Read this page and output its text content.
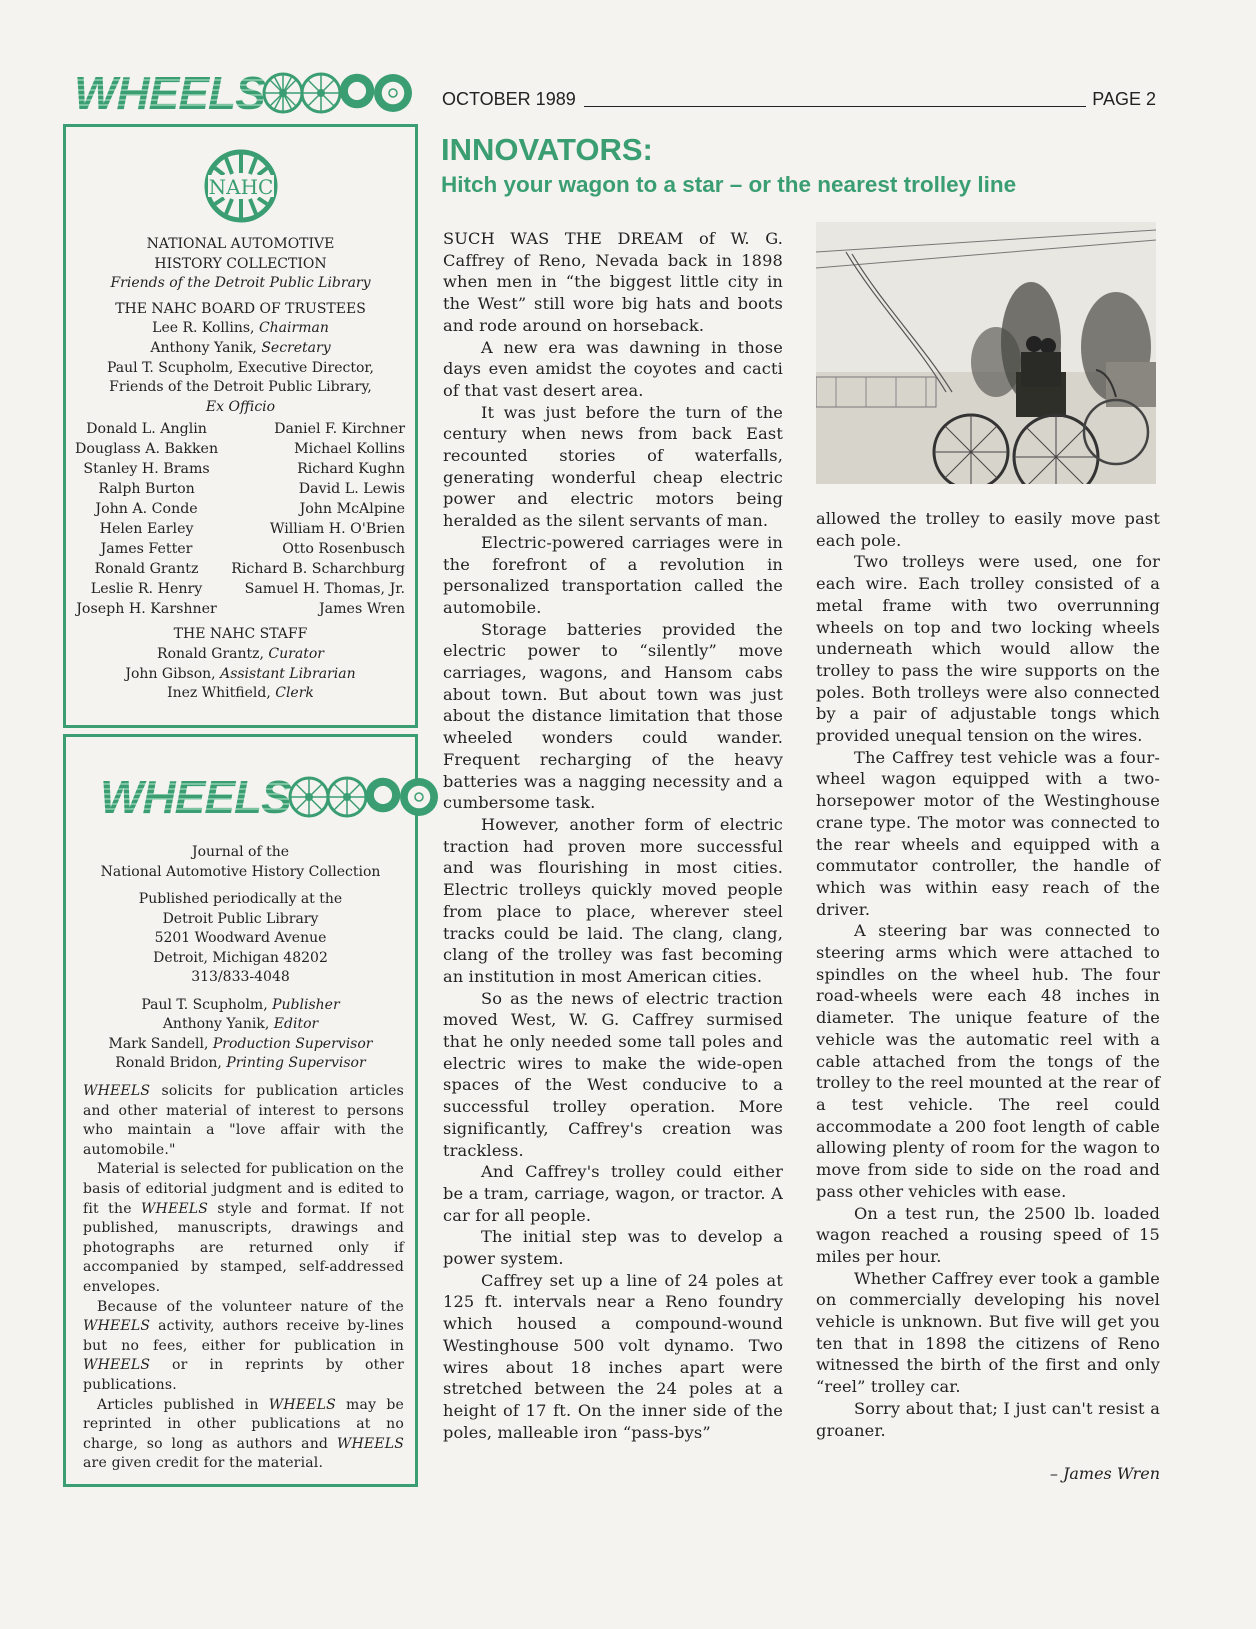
WHEELS	OCTOBER 1989	PAGE 2
INNOVATORS:
Hitch your wagon to a star – or the nearest trolley line
NAHC

NATIONAL AUTOMOTIVE

HISTORY COLLECTION

Friends of the Detroit Public Library

THE NAHC BOARD OF TRUSTEES

Lee R. Kollins, Chairman

Anthony Yanik, Secretary

Paul T. Scupholm, Executive Director,

Friends of the Detroit Public Library,

Ex Officio

Donald L. Anglin
Douglass A. Bakken
Stanley H. Brams
Ralph Burton
John A. Conde
Helen Earley
James Fetter
Ronald Grantz
Leslie R. Henry
Joseph H. Karshner
Daniel F. Kirchner
Michael Kollins
Richard Kughn
David L. Lewis
John McAlpine
William H. O'Brien
Otto Rosenbusch
Richard B. Scharchburg
Samuel H. Thomas, Jr.
James Wren

THE NAHC STAFF

Ronald Grantz, Curator

John Gibson, Assistant Librarian

Inez Whitfield, Clerk

Journal of the

National Automotive History Collection

Published periodically at the

Detroit Public Library

5201 Woodward Avenue

Detroit, Michigan 48202

313/833-4048

Paul T. Scupholm, Publisher

Anthony Yanik, Editor

Mark Sandell, Production Supervisor

Ronald Bridon, Printing Supervisor

WHEELS solicits for publication articles and other material of interest to persons who maintain a "love affair with the automobile."

Material is selected for publication on the basis of editorial judgment and is edited to fit the WHEELS style and format. If not published, manuscripts, drawings and photographs are returned only if accompanied by stamped, self-addressed envelopes.

Because of the volunteer nature of the WHEELS activity, authors receive by-lines but no fees, either for publication in WHEELS or in reprints by other publications.

Articles published in WHEELS may be reprinted in other publications at no charge, so long as authors and WHEELS are given credit for the material.

WHEELS

SUCH WAS THE DREAM of W. G. Caffrey of Reno, Nevada back in 1898 when men in “the biggest little city in the West” still wore big hats and boots and rode around on horseback.

A new era was dawning in those days even amidst the coyotes and cacti of that vast desert area.

It was just before the turn of the century when news from back East recounted stories of waterfalls, generating wonderful cheap electric power and electric motors being heralded as the silent servants of man.

Electric-powered carriages were in the forefront of a revolution in personalized transportation called the automobile.

Storage batteries provided the electric power to “silently” move carriages, wagons, and Hansom cabs about town. But about town was just about the distance limitation that those wheeled wonders could wander. Frequent recharging of the heavy batteries was a nagging necessity and a cumbersome task.

However, another form of electric traction had proven more successful and was flourishing in most cities. Electric trolleys quickly moved people from place to place, wherever steel tracks could be laid. The clang, clang, clang of the trolley was fast becoming an institution in most American cities.

So as the news of electric traction moved West, W. G. Caffrey surmised that he only needed some tall poles and electric wires to make the wide-open spaces of the West conducive to a successful trolley operation. More significantly, Caffrey's creation was trackless.

And Caffrey's trolley could either be a tram, carriage, wagon, or tractor. A car for all people.

The initial step was to develop a power system.

Caffrey set up a line of 24 poles at 125 ft. intervals near a Reno foundry which housed a compound-wound Westinghouse 500 volt dynamo. Two wires about 18 inches apart were stretched between the 24 poles at a height of 17 ft. On the inner side of the poles, malleable iron “pass-bys”

allowed the trolley to easily move past each pole.

Two trolleys were used, one for each wire. Each trolley consisted of a metal frame with two overrunning wheels on top and two locking wheels underneath which would allow the trolley to pass the wire supports on the poles. Both trolleys were also connected by a pair of adjustable tongs which provided unequal tension on the wires.

The Caffrey test vehicle was a four-wheel wagon equipped with a two-horsepower motor of the Westinghouse crane type. The motor was connected to the rear wheels and equipped with a commutator controller, the handle of which was within easy reach of the driver.

A steering bar was connected to steering arms which were attached to spindles on the wheel hub. The four road-wheels were each 48 inches in diameter. The unique feature of the vehicle was the automatic reel with a cable attached from the tongs of the trolley to the reel mounted at the rear of a test vehicle. The reel could accommodate a 200 foot length of cable allowing plenty of room for the wagon to move from side to side on the road and pass other vehicles with ease.

On a test run, the 2500 lb. loaded wagon reached a rousing speed of 15 miles per hour.

Whether Caffrey ever took a gamble on commercially developing his novel vehicle is unknown. But five will get you ten that in 1898 the citizens of Reno witnessed the birth of the first and only “reel” trolley car.

Sorry about that; I just can't resist a groaner.

– James Wren
